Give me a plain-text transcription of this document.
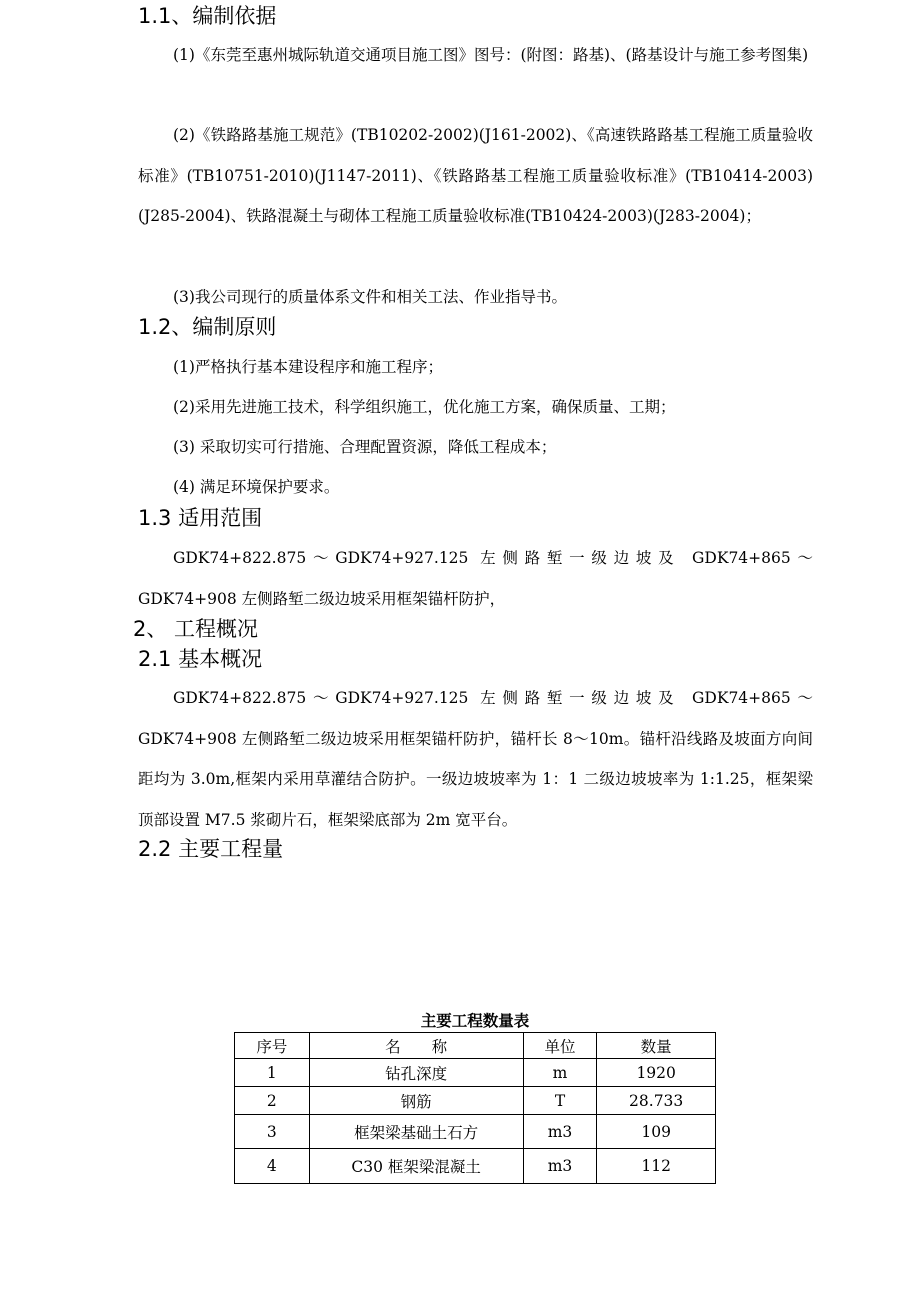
1.1、编制依据

(1)《东莞至惠州城际轨道交通项目施工图》图号：(附图：路基)、(路基设计与施工参考图集)

(2)《铁路路基施工规范》(TB10202-2002)(J161-2002)、《高速铁路路基工程施工质量验收标准》(TB10751-2010)(J1147-2011)、《铁路路基工程施工质量验收标准》(TB10414-2003)(J285-2004)、铁路混凝土与砌体工程施工质量验收标准(TB10424-2003)(J283-2004)；

(3)我公司现行的质量体系文件和相关工法、作业指导书。

1.2、编制原则

(1)严格执行基本建设程序和施工程序；

(2)采用先进施工技术，科学组织施工，优化施工方案，确保质量、工期；

(3) 采取切实可行措施、合理配置资源，降低工程成本；

(4) 满足环境保护要求。

1.3 适用范围

GDK74+822.875～GDK74+927.125 左侧路堑一级边坡及 GDK74+865～GDK74+908 左侧路堑二级边坡采用框架锚杆防护，

2、 工程概况
2.1 基本概况

GDK74+822.875～GDK74+927.125 左侧路堑一级边坡及 GDK74+865～GDK74+908 左侧路堑二级边坡采用框架锚杆防护，锚杆长 8～10m。锚杆沿线路及坡面方向间距均为 3.0m,框架内采用草灌结合防护。一级边坡坡率为 1：1 二级边坡坡率为 1:1.25，框架梁顶部设置 M7.5 浆砌片石，框架梁底部为 2m 宽平台。

2.2 主要工程量
主要工程数量表
序号	名　　称	单位	数量
1	钻孔深度	m	1920
2	钢筋	T	28.733
3	框架梁基础土石方	m3	109
4	C30 框架梁混凝土	m3	112
